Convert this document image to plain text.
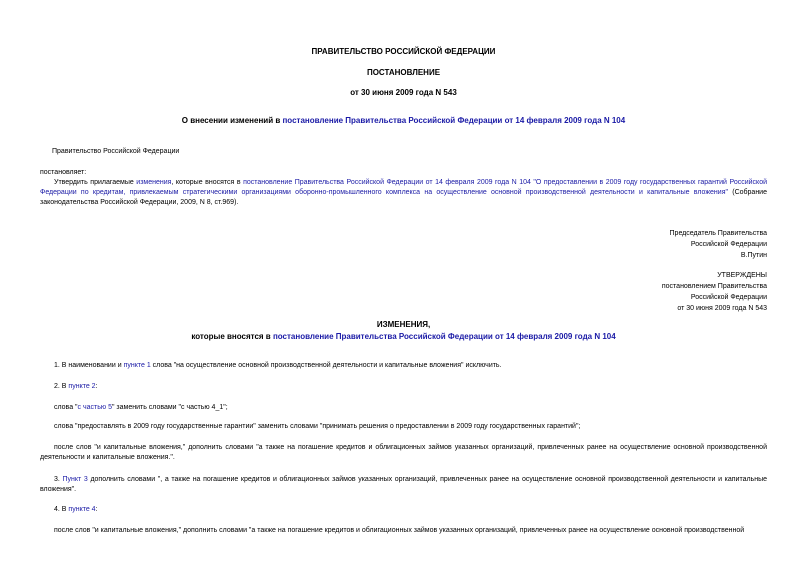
ПРАВИТЕЛЬСТВО РОССИЙСКОЙ ФЕДЕРАЦИИ
ПОСТАНОВЛЕНИЕ
от 30 июня 2009 года N 543
О внесении изменений в постановление Правительства Российской Федерации от 14 февраля 2009 года N 104
Правительство Российской Федерации
постановляет:
Утвердить прилагаемые изменения, которые вносятся в постановление Правительства Российской Федерации от 14 февраля 2009 года N 104 "О предоставлении в 2009 году государственных гарантий Российской Федерации по кредитам, привлекаемым стратегическими организациями оборонно-промышленного комплекса на осуществление основной производственной деятельности и капитальные вложения" (Собрание законодательства Российской Федерации, 2009, N 8, ст.969).
Председатель Правительства
Российской Федерации
В.Путин
УТВЕРЖДЕНЫ
постановлением Правительства
Российской Федерации
от 30 июня 2009 года N 543
ИЗМЕНЕНИЯ,
которые вносятся в постановление Правительства Российской Федерации от 14 февраля 2009 года N 104
1. В наименовании и пункте 1 слова "на осуществление основной производственной деятельности и капитальные вложения" исключить.
2. В пункте 2:
слова "с частью 5" заменить словами "с частью 4_1";
слова "предоставлять в 2009 году государственные гарантии" заменить словами "принимать решения о предоставлении в 2009 году государственных гарантий";
после слов "и капитальные вложения," дополнить словами "а также на погашение кредитов и облигационных займов указанных организаций, привлеченных ранее на осуществление основной производственной деятельности и капитальные вложения.".
3. Пункт 3 дополнить словами ", а также на погашение кредитов и облигационных займов указанных организаций, привлеченных ранее на осуществление основной производственной деятельности и капитальные вложения".
4. В пункте 4:
после слов "и капитальные вложения," дополнить словами "а также на погашение кредитов и облигационных займов указанных организаций, привлеченных ранее на осуществление основной производственной
